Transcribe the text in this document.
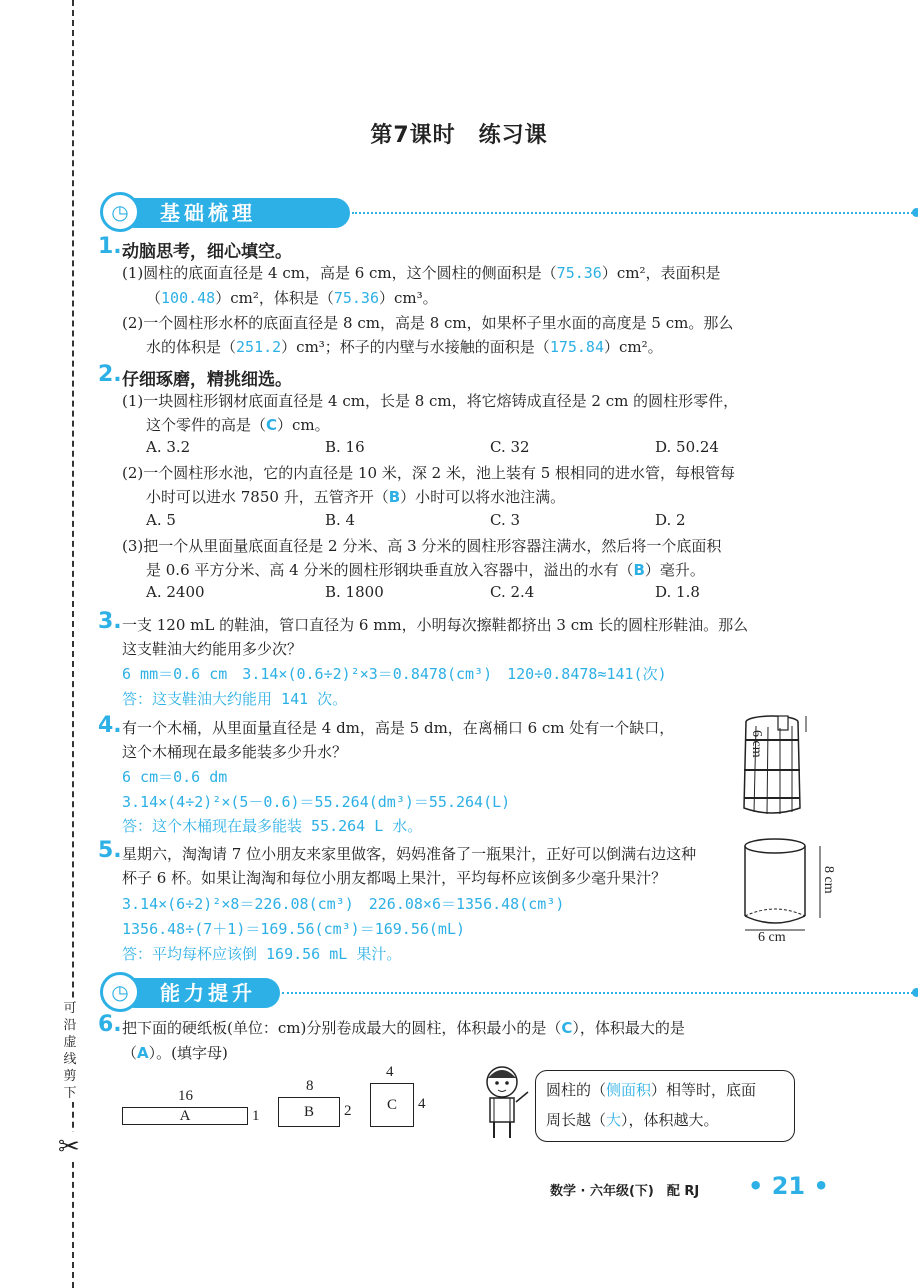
可沿虚线剪下
✂
第7课时　练习课
基础梳理
◷
1. 动脑思考，细心填空。
(1)圆柱的底面直径是 4 cm，高是 6 cm，这个圆柱的侧面积是（75.36）cm²，表面积是
（100.48）cm²，体积是（75.36）cm³。
(2)一个圆柱形水杯的底面直径是 8 cm，高是 8 cm，如果杯子里水面的高度是 5 cm。那么
水的体积是（251.2）cm³；杯子的内壁与水接触的面积是（175.84）cm²。
2. 仔细琢磨，精挑细选。
(1)一块圆柱形钢材底面直径是 4 cm，长是 8 cm，将它熔铸成直径是 2 cm 的圆柱形零件，
这个零件的高是（C）cm。
A. 3.2	B. 16	C. 32	D. 50.24
(2)一个圆柱形水池，它的内直径是 10 米，深 2 米，池上装有 5 根相同的进水管，每根管每
小时可以进水 7850 升，五管齐开（B）小时可以将水池注满。
A. 5	B. 4	C. 3	D. 2
(3)把一个从里面量底面直径是 2 分米、高 3 分米的圆柱形容器注满水，然后将一个底面积
是 0.6 平方分米、高 4 分米的圆柱形钢块垂直放入容器中，溢出的水有（B）毫升。
A. 2400	B. 1800	C. 2.4	D. 1.8
3. 一支 120 mL 的鞋油，管口直径为 6 mm，小明每次擦鞋都挤出 3 cm 长的圆柱形鞋油。那么
这支鞋油大约能用多少次？
6 mm＝0.6 cm　3.14×(0.6÷2)²×3＝0.8478(cm³)　120÷0.8478≈141(次)
答：这支鞋油大约能用 141 次。
4. 有一个木桶，从里面量直径是 4 dm，高是 5 dm，在离桶口 6 cm 处有一个缺口，
这个木桶现在最多能装多少升水？
6 cm＝0.6 dm
3.14×(4÷2)²×(5－0.6)＝55.264(dm³)＝55.264(L)
答：这个木桶现在最多能装 55.264 L 水。
6 cm
5. 星期六，淘淘请 7 位小朋友来家里做客，妈妈准备了一瓶果汁，正好可以倒满右边这种
杯子 6 杯。如果让淘淘和每位小朋友都喝上果汁，平均每杯应该倒多少毫升果汁？
3.14×(6÷2)²×8＝226.08(cm³)　226.08×6＝1356.48(cm³)
1356.48÷(7＋1)＝169.56(cm³)＝169.56(mL)
答：平均每杯应该倒 169.56 mL 果汁。
8 cm
6 cm
能力提升
◷
6. 把下面的硬纸板(单位：cm)分别卷成最大的圆柱，体积最小的是（C），体积最大的是
（A）。(填字母)
16
A	1
8
B	2
4
C	4
圆柱的（侧面积）相等时，底面
周长越（大），体积越大。
数学 · 六年级(下)　配 RJ • 21 •
